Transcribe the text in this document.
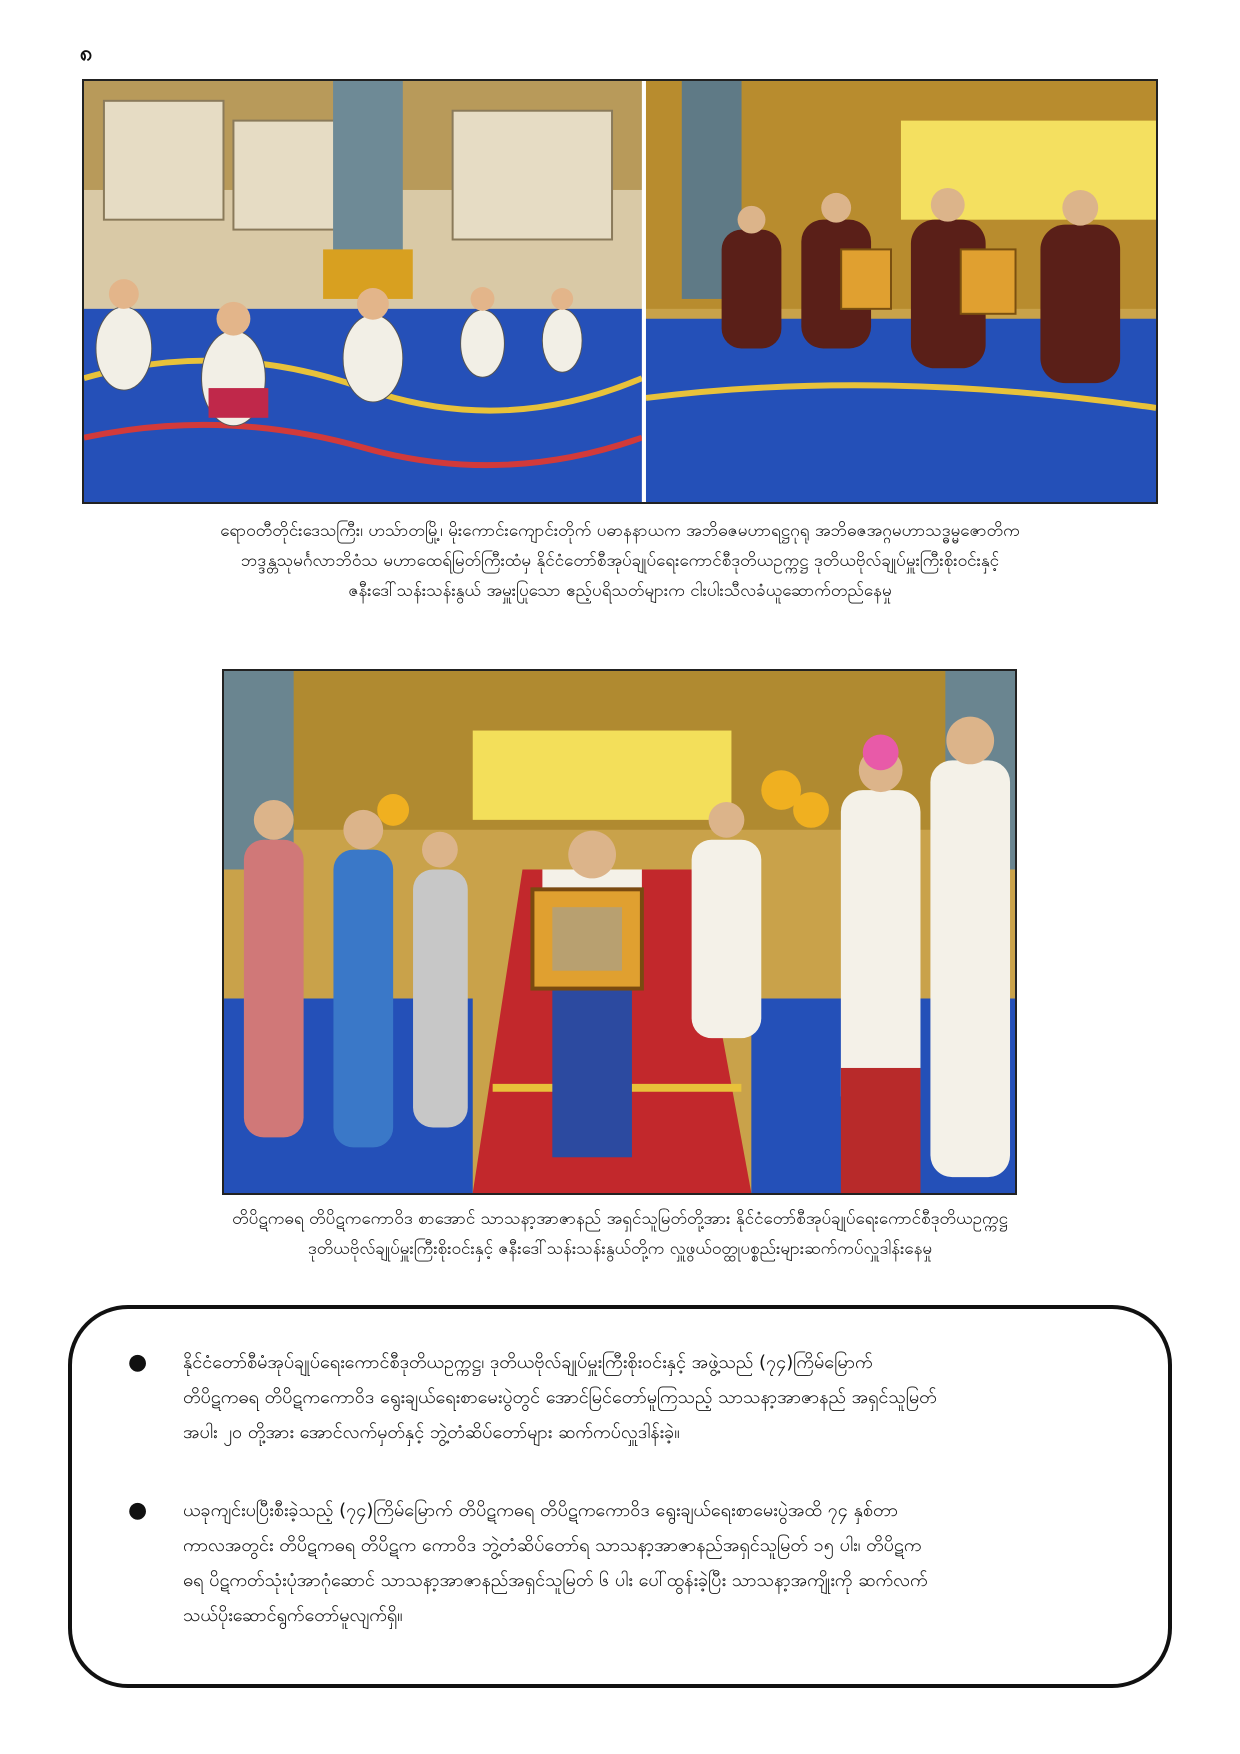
၈
ရောဝတီတိုင်းဒေသကြီး၊ ဟသ်ာတမြို့၊ မိုးကောင်းကျောင်းတိုက် ပဓာနနာယက အဘိဓဇမဟာရဋ္ဌဂုရု အဘိဓဇအဂ္ဂမဟာသဒ္ဓမ္မဇောတိက
ဘဒ္ဒန္တသုမင်္ဂလာဘိဝံသ မဟာထေရ်မြတ်ကြီးထံမှ နိုင်ငံတော်စီအုပ်ချုပ်ရေးကောင်စီဒုတိယဥက္ကဋ္ဌ ဒုတိယဗိုလ်ချုပ်မှူးကြီးစိုးဝင်းနှင့်
ဇနီးဒေါ်သန်းသန်းနွယ် အမှူးပြုသော ဧည့်ပရိသတ်များက ငါးပါးသီလခံယူဆောက်တည်နေမှု
တိပိဋကဓရ တိပိဋကကောဝိဒ စာအောင် သာသနာ့အာဇာနည် အရှင်သူမြတ်တို့အား နိုင်ငံတော်စီအုပ်ချုပ်ရေးကောင်စီဒုတိယဥက္ကဋ္ဌ
ဒုတိယဗိုလ်ချုပ်မှူးကြီးစိုးဝင်းနှင့် ဇနီးဒေါ်သန်းသန်းနွယ်တို့က လှူဖွယ်ဝတ္ထုပစ္စည်းများဆက်ကပ်လှူဒါန်းနေမှု
● နိုင်ငံတော်စီမံအုပ်ချုပ်ရေးကောင်စီဒုတိယဥက္ကဋ္ဌ၊ ဒုတိယဗိုလ်ချုပ်မှူးကြီးစိုးဝင်းနှင့် အဖွဲ့သည် (၇၄)ကြိမ်မြောက်
တိပိဋကဓရ တိပိဋကကောဝိဒ ရွေးချယ်ရေးစာမေးပွဲတွင် အောင်မြင်တော်မူကြသည့် သာသနာ့အာဇာနည် အရှင်သူမြတ်
အပါး ၂၀ တို့အား အောင်လက်မှတ်နှင့် ဘွဲ့တံဆိပ်တော်များ ဆက်ကပ်လှူဒါန်းခဲ့။
● ယခုကျင်းပပြီးစီးခဲ့သည့် (၇၄)ကြိမ်မြောက် တိပိဋကဓရ တိပိဋကကောဝိဒ ရွေးချယ်ရေးစာမေးပွဲအထိ ၇၄ နှစ်တာ
ကာလအတွင်း တိပိဋကဓရ တိပိဋက ကောဝိဒ ဘွဲ့တံဆိပ်တော်ရ သာသနာ့အာဇာနည်အရှင်သူမြတ် ၁၅ ပါး၊ တိပိဋက
ဓရ ပိဋကတ်သုံးပုံအာဂုံဆောင် သာသနာ့အာဇာနည်အရှင်သူမြတ် ၆ ပါး ပေါ်ထွန်းခဲ့ပြီး သာသနာ့အကျိုးကို ဆက်လက်
သယ်ပိုးဆောင်ရွက်တော်မူလျက်ရှိ။
